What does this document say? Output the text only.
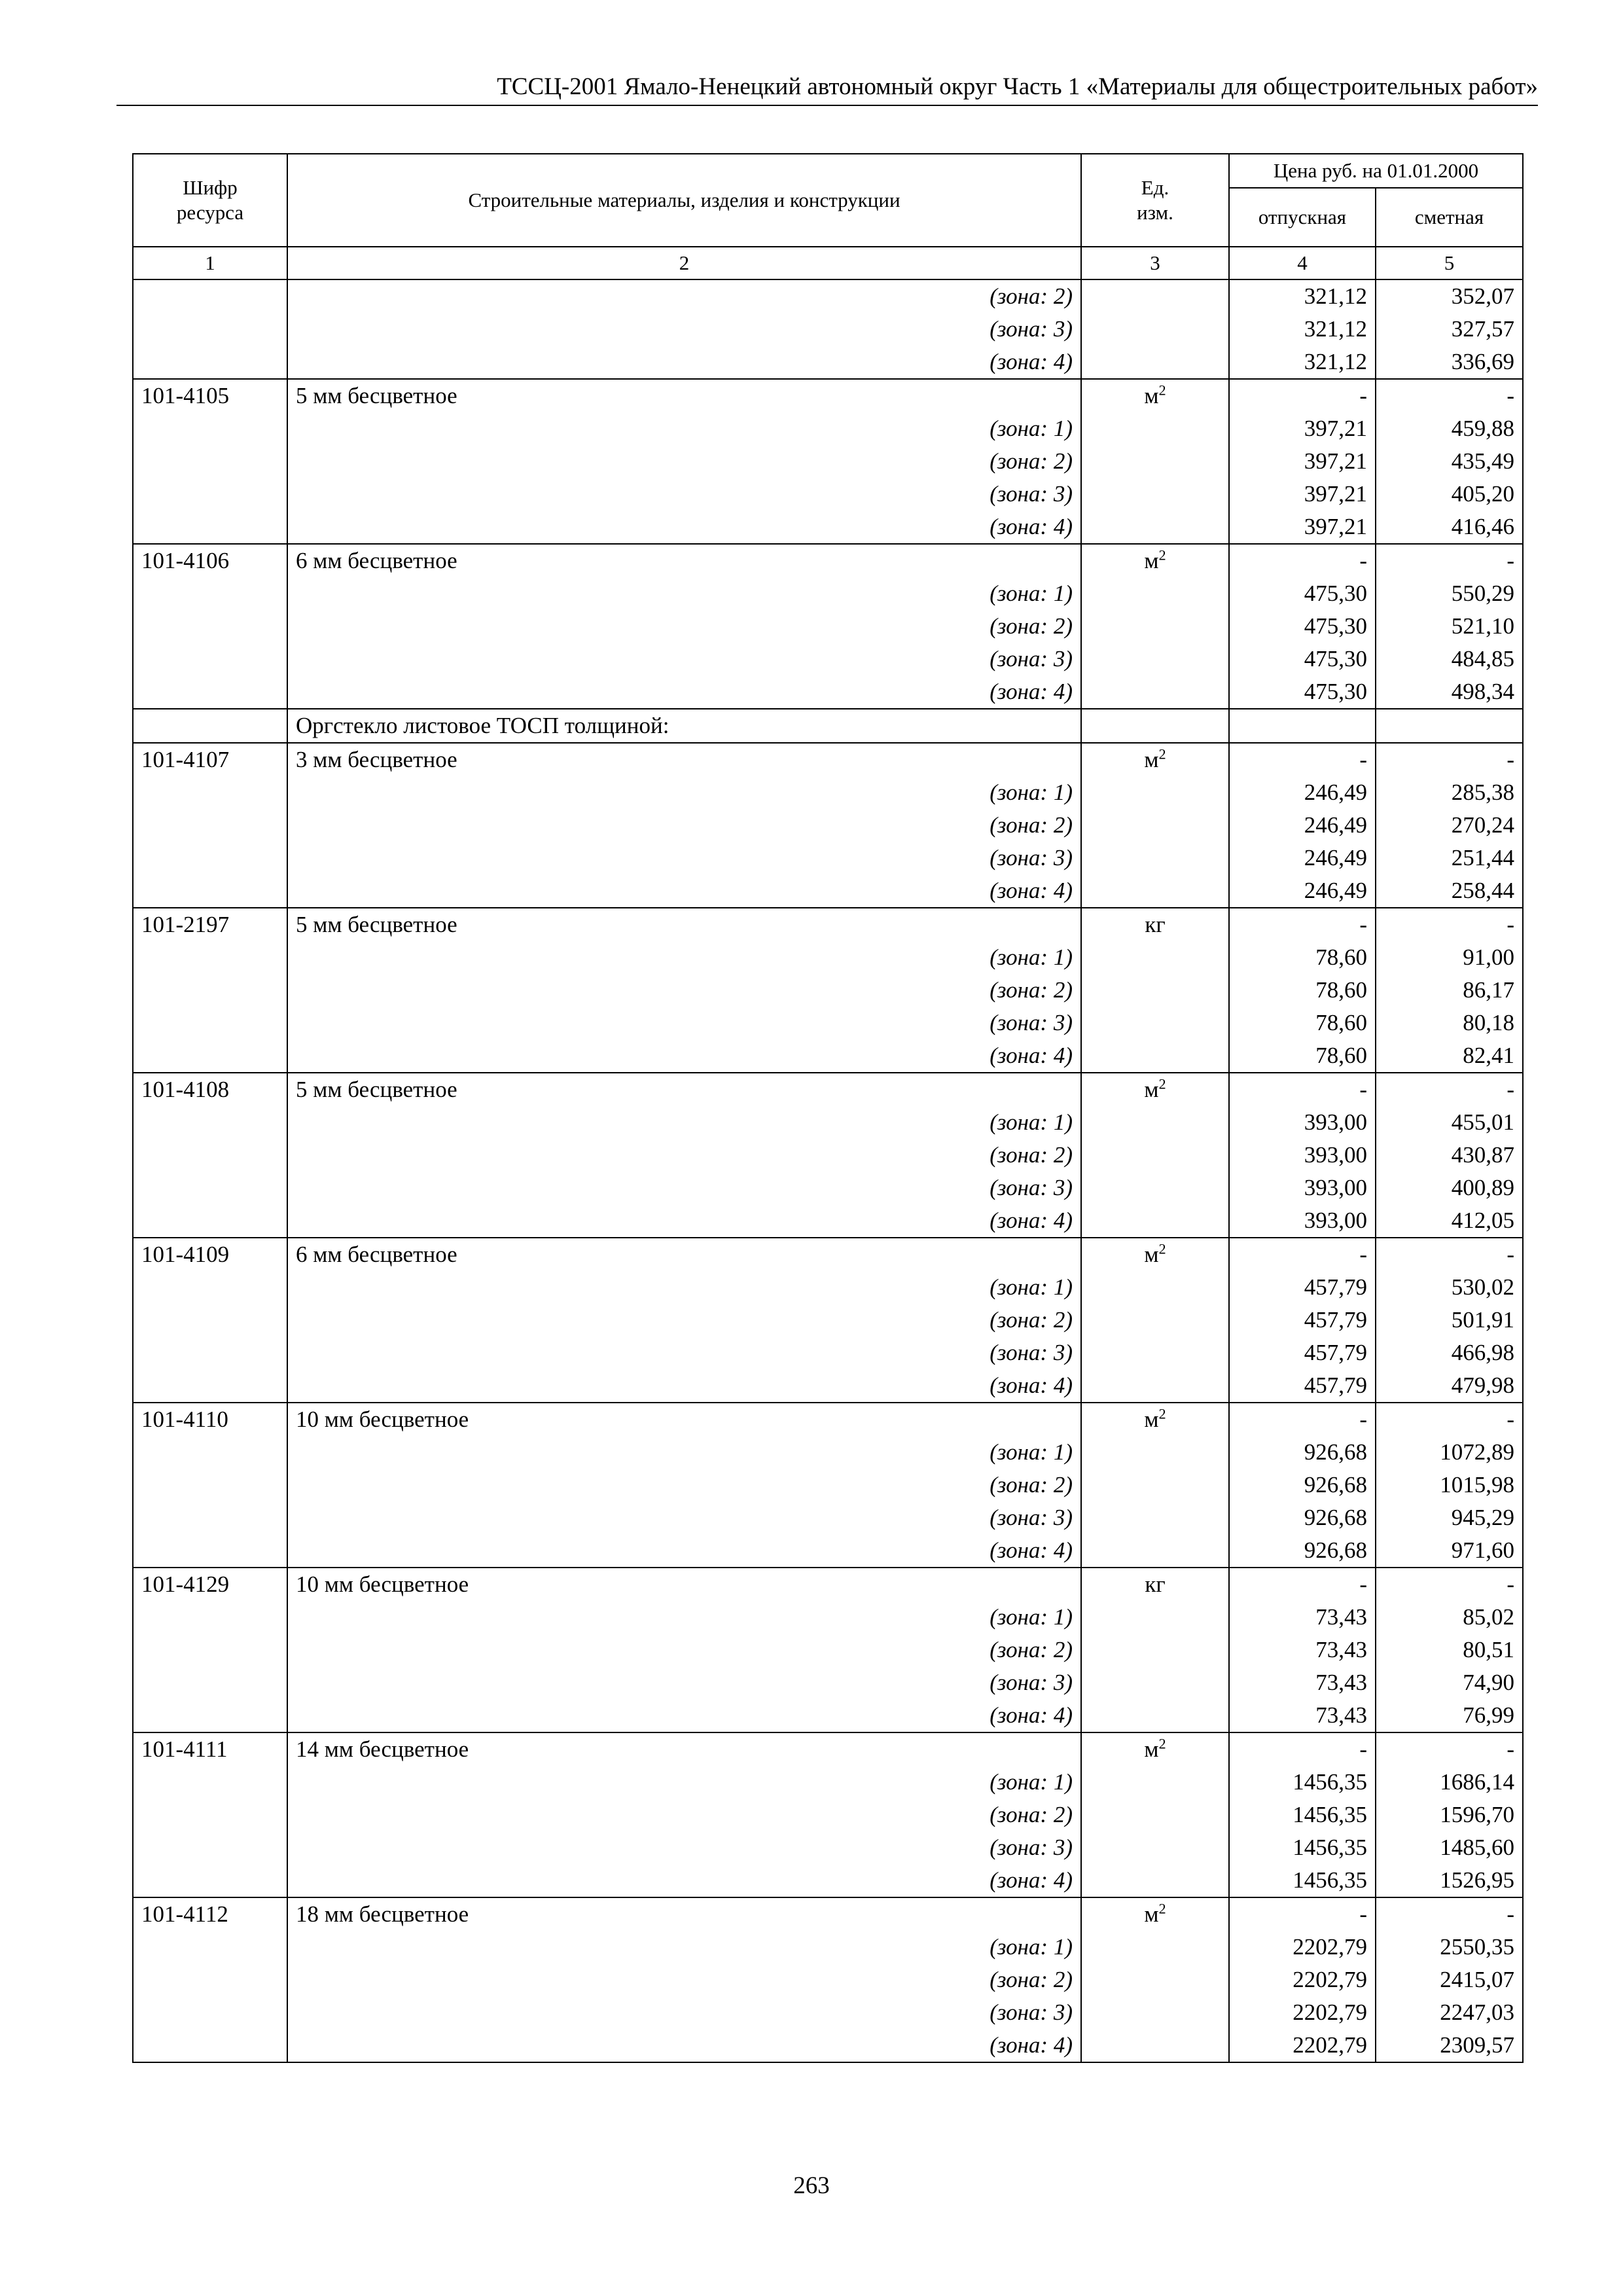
ТССЦ-2001 Ямало-Ненецкий автономный округ Часть 1 «Материалы для общестроительных работ»
Шифр ресурса	Строительные материалы, изделия и конструкции	Ед. изм.	Цена руб. на 01.01.2000	
			отпускная	сметная
1	2	3	4	5
	(зона: 2)		321,12	352,07
	(зона: 3)		321,12	327,57
	(зона: 4)		321,12	336,69
101-4105	5 мм бесцветное	$м^2$	-	-
	(зона: 1)		397,21	459,88
	(зона: 2)		397,21	435,49
	(зона: 3)		397,21	405,20
	(зона: 4)		397,21	416,46
101-4106	6 мм бесцветное	$м^2$	-	-
	(зона: 1)		475,30	550,29
	(зона: 2)		475,30	521,10
	(зона: 3)		475,30	484,85
	(зона: 4)		475,30	498,34
	Оргстекло листовое ТОСП толщиной:			
101-4107	3 мм бесцветное	$м^2$	-	-
	(зона: 1)		246,49	285,38
	(зона: 2)		246,49	270,24
	(зона: 3)		246,49	251,44
	(зона: 4)		246,49	258,44
101-2197	5 мм бесцветное	кг	-	-
	(зона: 1)		78,60	91,00
	(зона: 2)		78,60	86,17
	(зона: 3)		78,60	80,18
	(зона: 4)		78,60	82,41
101-4108	5 мм бесцветное	$м^2$	-	-
	(зона: 1)		393,00	455,01
	(зона: 2)		393,00	430,87
	(зона: 3)		393,00	400,89
	(зона: 4)		393,00	412,05
101-4109	6 мм бесцветное	$м^2$	-	-
	(зона: 1)		457,79	530,02
	(зона: 2)		457,79	501,91
	(зона: 3)		457,79	466,98
	(зона: 4)		457,79	479,98
101-4110	10 мм бесцветное	$м^2$	-	-
	(зона: 1)		926,68	1072,89
	(зона: 2)		926,68	1015,98
	(зона: 3)		926,68	945,29
	(зона: 4)		926,68	971,60
101-4129	10 мм бесцветное	кг	-	-
	(зона: 1)		73,43	85,02
	(зона: 2)		73,43	80,51
	(зона: 3)		73,43	74,90
	(зона: 4)		73,43	76,99
101-4111	14 мм бесцветное	$м^2$	-	-
	(зона: 1)		1456,35	1686,14
	(зона: 2)		1456,35	1596,70
	(зона: 3)		1456,35	1485,60
	(зона: 4)		1456,35	1526,95
101-4112	18 мм бесцветное	$м^2$	-	-
	(зона: 1)		2202,79	2550,35
	(зона: 2)		2202,79	2415,07
	(зона: 3)		2202,79	2247,03
	(зона: 4)		2202,79	2309,57
263
